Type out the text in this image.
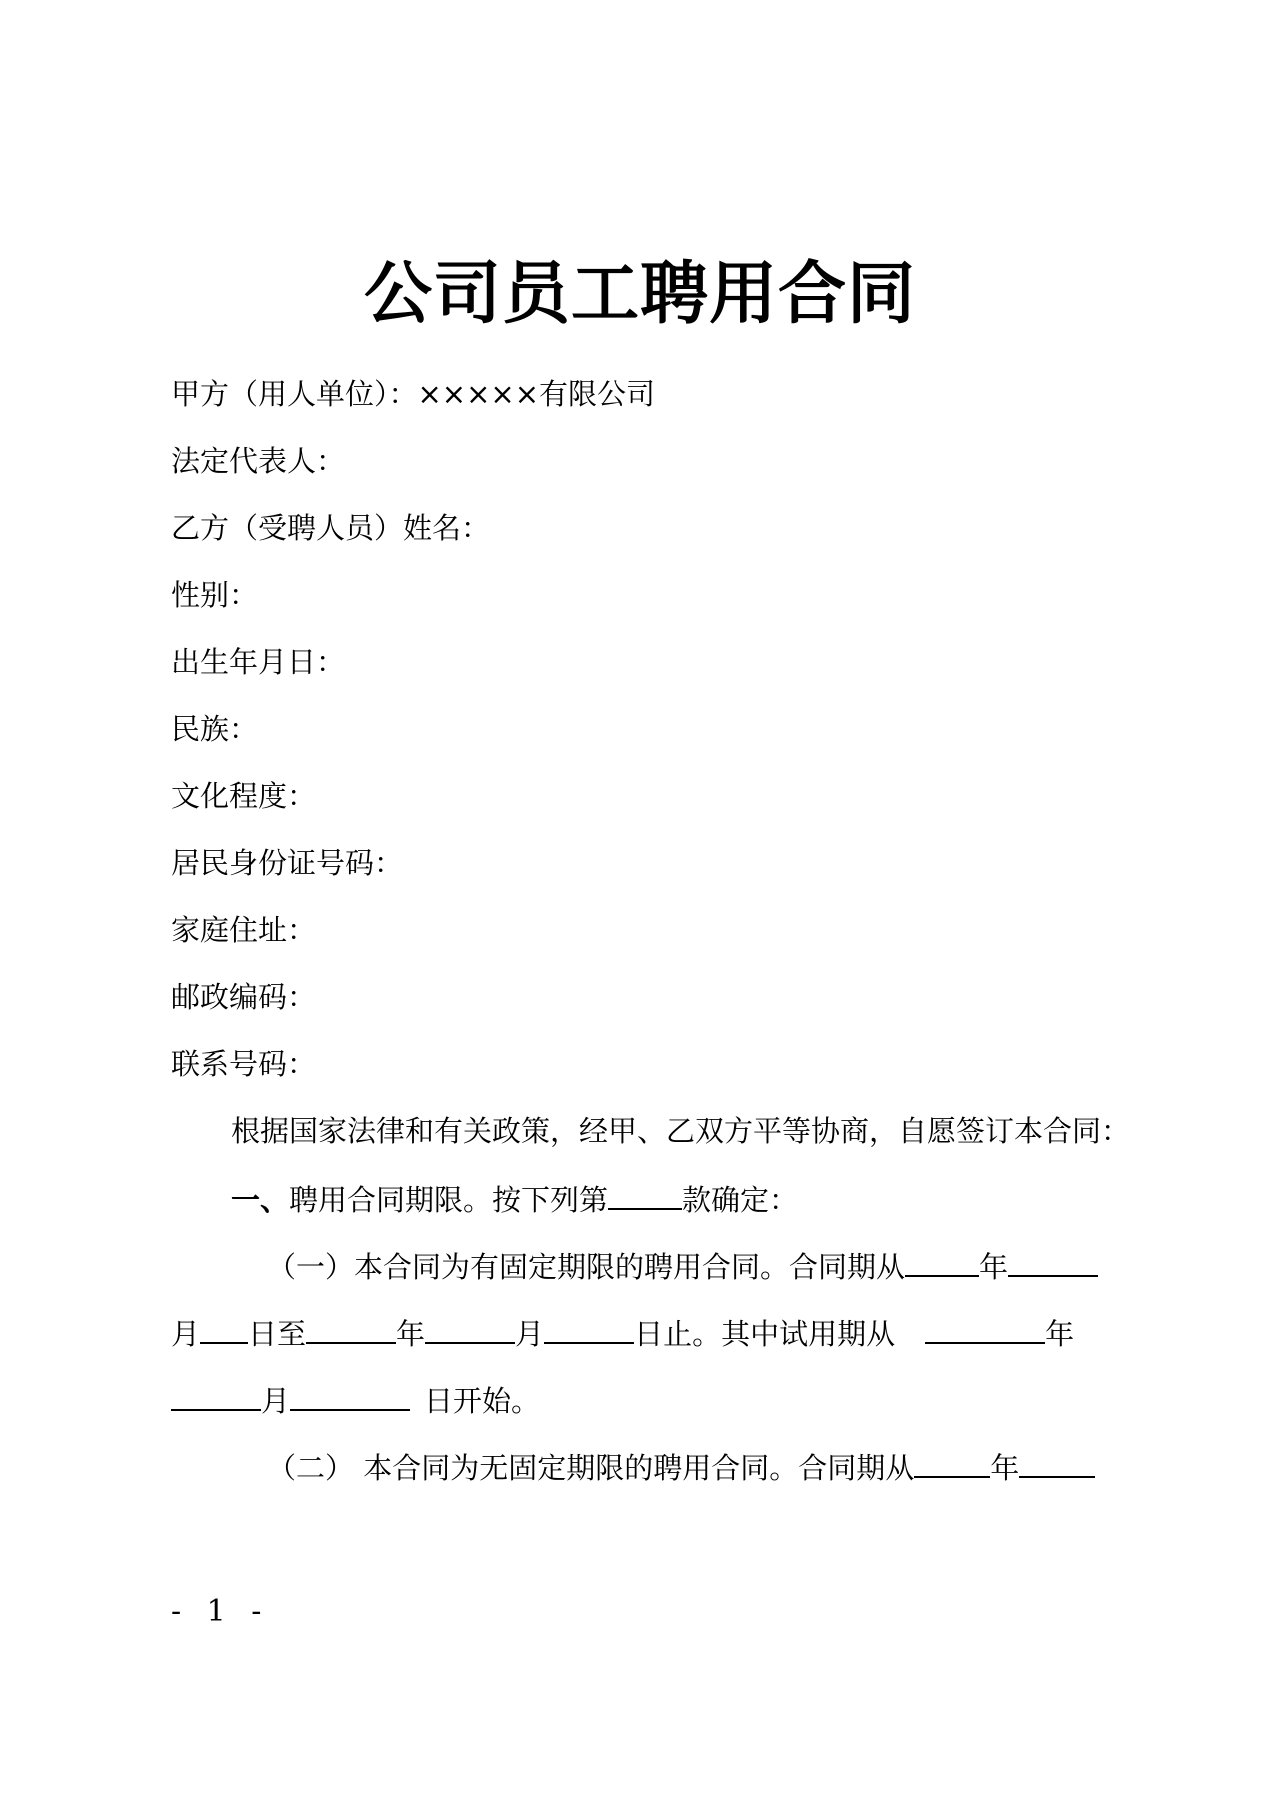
公司员工聘用合同
甲方（用人单位）：×××××有限公司
法定代表人：
乙方（受聘人员）姓名：
性别：
出生年月日：
民族：
文化程度：
居民身份证号码：
家庭住址：
邮政编码：
联系号码：
根据国家法律和有关政策，经甲、乙双方平等协商，自愿签订本合同：
一、聘用合同期限。按下列第	款确定：
（一）本合同为有固定期限的聘用合同。合同期从	年
月 日至	年	月	日止。其中试用期从	年
月	日开始。
（二） 本合同为无固定期限的聘用合同。合同期从	年
- 1 -
